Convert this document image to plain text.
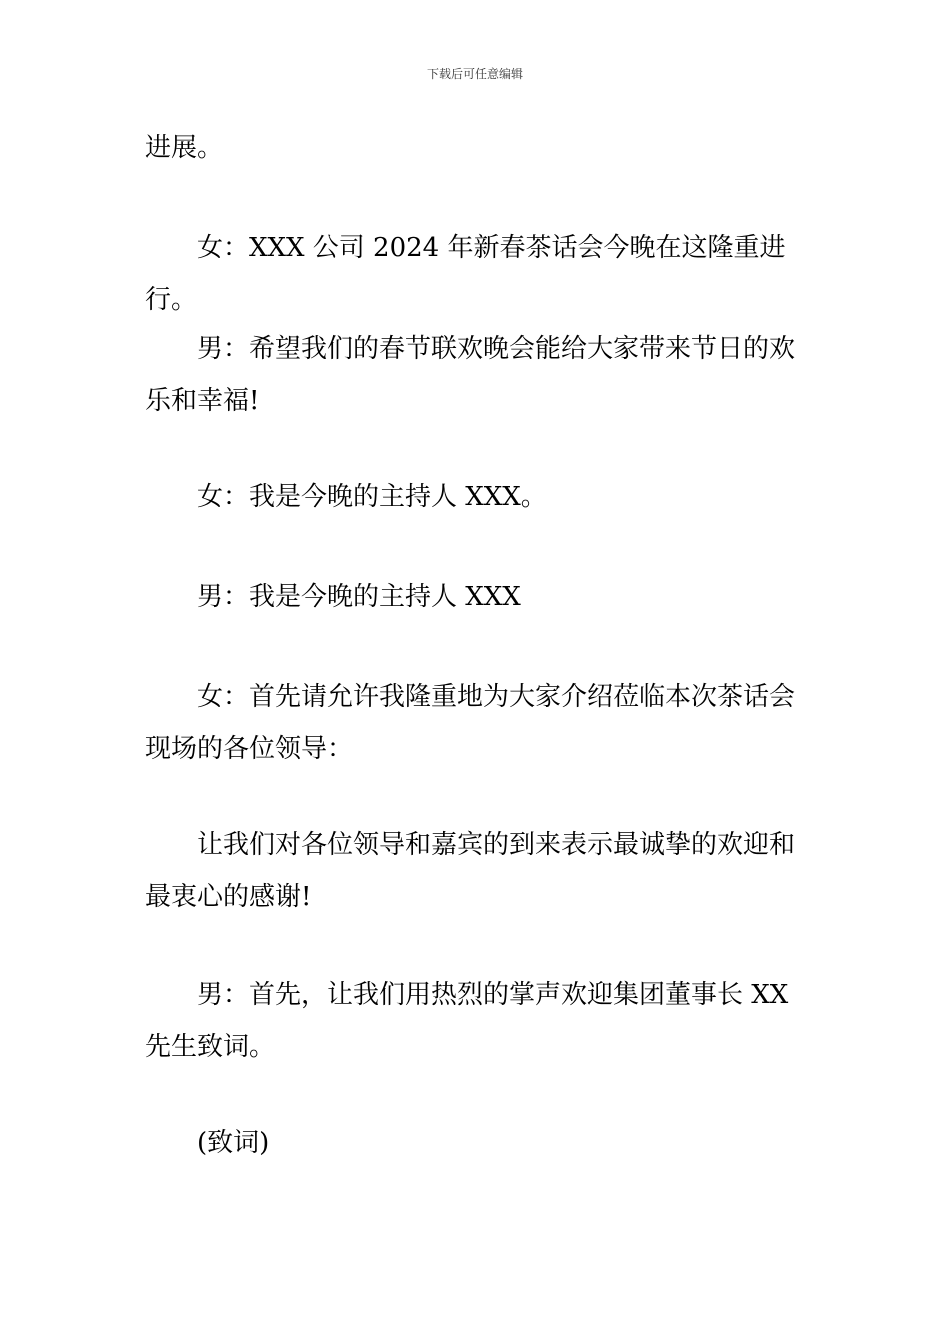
下载后可任意编辑

进展。

女：XXX 公司 2024 年新春茶话会今晚在这隆重进行。

男：希望我们的春节联欢晚会能给大家带来节日的欢乐和幸福!

女：我是今晚的主持人 XXX。

男：我是今晚的主持人 XXX

女：首先请允许我隆重地为大家介绍莅临本次茶话会现场的各位领导：

让我们对各位领导和嘉宾的到来表示最诚挚的欢迎和最衷心的感谢!

男：首先，让我们用热烈的掌声欢迎集团董事长 XX 先生致词。

(致词)
